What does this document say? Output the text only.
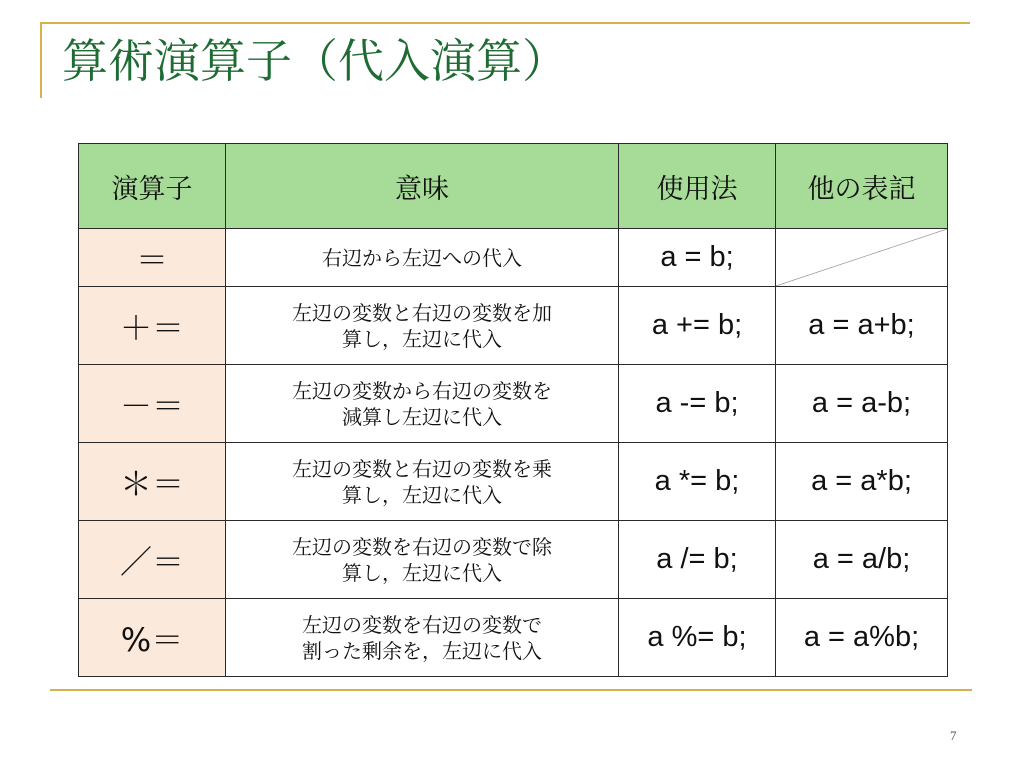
算術演算子（代入演算）
演算子	意味	使用法	他の表記
＝	右辺から左辺への代入	a = b;	

＋＝	左辺の変数と右辺の変数を加
算し，左辺に代入	a += b;	a = a+b;
－＝	左辺の変数から右辺の変数を
減算し左辺に代入	a -= b;	a = a-b;
＊＝	左辺の変数と右辺の変数を乗
算し，左辺に代入	a *= b;	a = a*b;
／＝	左辺の変数を右辺の変数で除
算し，左辺に代入	a /= b;	a = a/b;
%＝	左辺の変数を右辺の変数で
割った剰余を，左辺に代入	a %= b;	a = a%b;
7
